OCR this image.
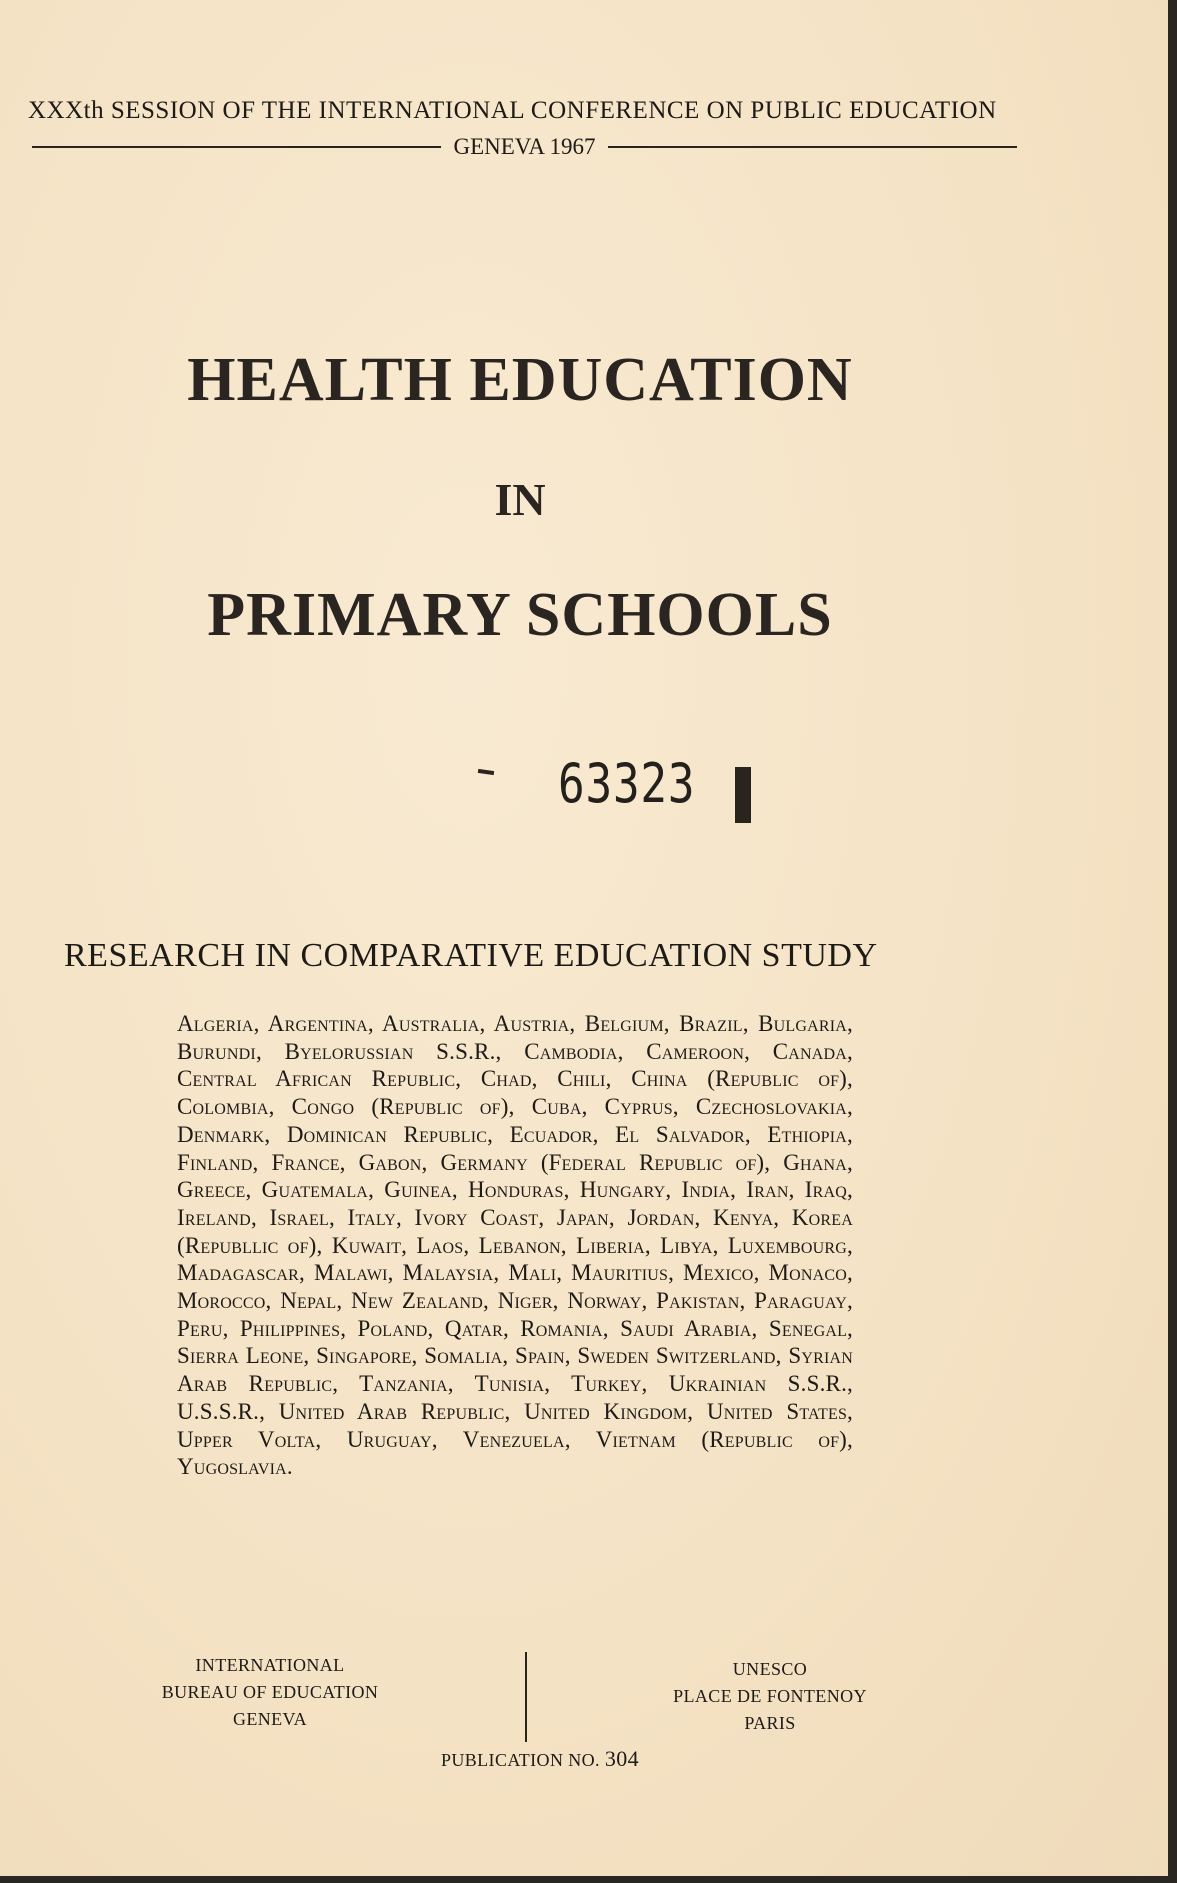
XXXth SESSION OF THE INTERNATIONAL CONFERENCE ON PUBLIC EDUCATION
GENEVA 1967
HEALTH EDUCATION
IN
PRIMARY SCHOOLS
63323
RESEARCH IN COMPARATIVE EDUCATION STUDY
Algeria, Argentina, Australia, Austria, Belgium, Brazil, Bulgaria, Burundi, Byelorussian S.S.R., Cambodia, Cameroon, Canada, Central African Republic, Chad, Chili, China (Republic of), Colombia, Congo (Republic of), Cuba, Cyprus, Czechoslovakia, Denmark, Dominican Republic, Ecuador, El Salvador, Ethiopia, Finland, France, Gabon, Germany (Federal Republic of), Ghana, Greece, Guatemala, Guinea, Honduras, Hungary, India, Iran, Iraq, Ireland, Israel, Italy, Ivory Coast, Japan, Jordan, Kenya, Korea (Republlic of), Kuwait, Laos, Lebanon, Liberia, Libya, Luxembourg, Madagascar, Malawi, Malaysia, Mali, Mauritius, Mexico, Monaco, Morocco, Nepal, New Zealand, Niger, Norway, Pakistan, Paraguay, Peru, Philippines, Poland, Qatar, Romania, Saudi Arabia, Senegal, Sierra Leone, Singapore, Somalia, Spain, Sweden Switzerland, Syrian Arab Republic, Tanzania, Tunisia, Turkey, Ukrainian S.S.R., U.S.S.R., United Arab Republic, United Kingdom, United States, Upper Volta, Uruguay, Venezuela, Vietnam (Republic of), Yugoslavia.
INTERNATIONAL
BUREAU OF EDUCATION
GENEVA
UNESCO
PLACE DE FONTENOY
PARIS
PUBLICATION NO. 304
